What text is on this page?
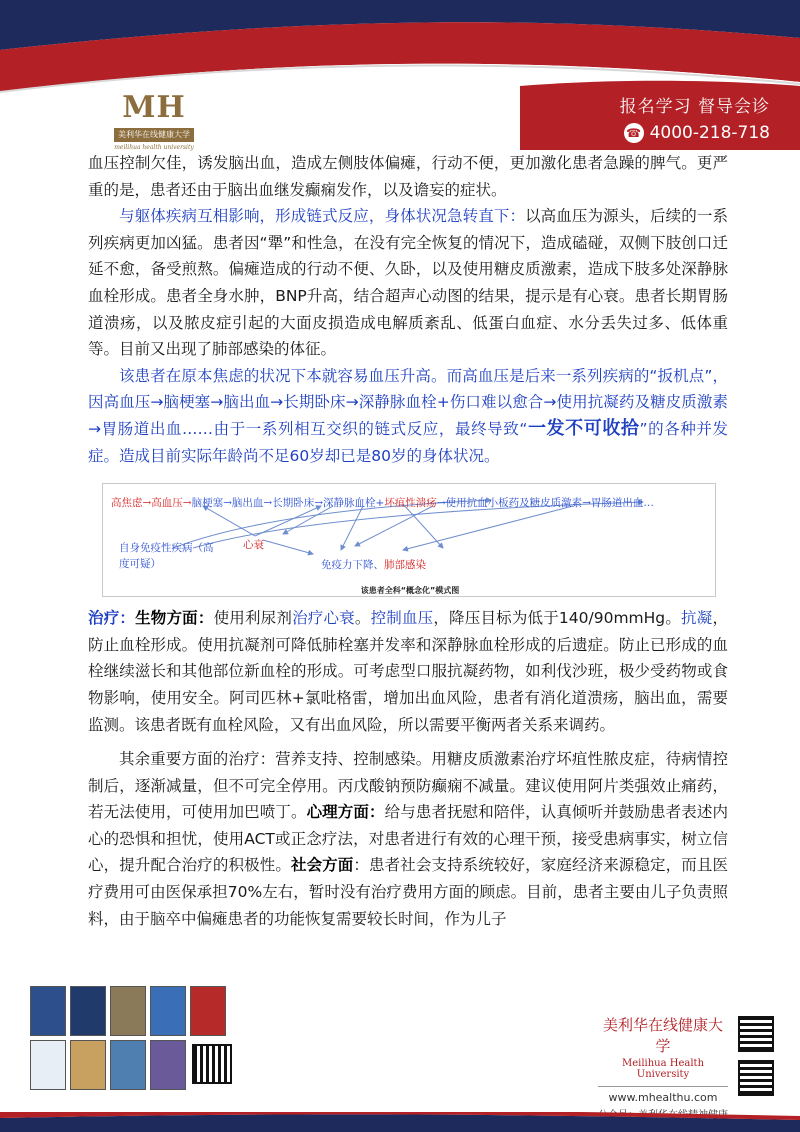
MH
美利华在线健康大学
meilihua health university
报名学习 督导会诊
☎ 4000-218-718

血压控制欠佳，诱发脑出血，造成左侧肢体偏瘫，行动不便，更加激化患者急躁的脾气。更严重的是，患者还由于脑出血继发癫痫发作，以及谵妄的症状。

与躯体疾病互相影响，形成链式反应，身体状况急转直下：以高血压为源头，后续的一系列疾病更加凶猛。患者因“犟”和性急，在没有完全恢复的情况下，造成磕碰，双侧下肢创口迁延不愈，备受煎熬。偏瘫造成的行动不便、久卧，以及使用糖皮质激素，造成下肢多处深静脉血栓形成。患者全身水肿，BNP升高，结合超声心动图的结果，提示是有心衰。患者长期胃肠道溃疡，以及脓皮症引起的大面皮损造成电解质紊乱、低蛋白血症、水分丢失过多、低体重等。目前又出现了肺部感染的体征。

该患者在原本焦虑的状况下本就容易血压升高。而高血压是后来一系列疾病的“扳机点”，因高血压→脑梗塞→脑出血→长期卧床→深静脉血栓+伤口难以愈合→使用抗凝药及糖皮质激素→胃肠道出血……由于一系列相互交织的链式反应，最终导致“一发不可收拾”的各种并发症。造成目前实际年龄尚不足60岁却已是80岁的身体状况。

高焦虑→高血压→脑梗塞→脑出血→长期卧床→深静脉血栓+坏疽性溃疡→使用抗血小板药及糖皮质激素→胃肠道出血…
自身免疫性疾病（高度可疑）
心衰
免疫力下降、肺部感染
该患者全科“概念化”模式图

治疗：生物方面：使用利尿剂治疗心衰。控制血压，降压目标为低于140/90mmHg。抗凝，防止血栓形成。使用抗凝剂可降低肺栓塞并发率和深静脉血栓形成的后遗症。防止已形成的血栓继续滋长和其他部位新血栓的形成。可考虑型口服抗凝药物，如利伐沙班，极少受药物或食物影响，使用安全。阿司匹林+氯吡格雷，增加出血风险，患者有消化道溃疡，脑出血，需要监测。该患者既有血栓风险，又有出血风险，所以需要平衡两者关系来调药。

其余重要方面的治疗：营养支持、控制感染。用糖皮质激素治疗坏疽性脓皮症，待病情控制后，逐渐减量，但不可完全停用。丙戊酸钠预防癫痫不减量。建议使用阿片类强效止痛药，若无法使用，可使用加巴喷丁。心理方面：给与患者抚慰和陪伴，认真倾听并鼓励患者表述内心的恐惧和担忧，使用ACT或正念疗法，对患者进行有效的心理干预，接受患病事实，树立信心，提升配合治疗的积极性。社会方面：患者社会支持系统较好，家庭经济来源稳定，而且医疗费用可由医保承担70%左右，暂时没有治疗费用方面的顾虑。目前，患者主要由儿子负责照料，由于脑卒中偏瘫患者的功能恢复需要较长时间，作为儿子

美利华在线健康大学
Meilihua Health University
www.mhealthu.com
